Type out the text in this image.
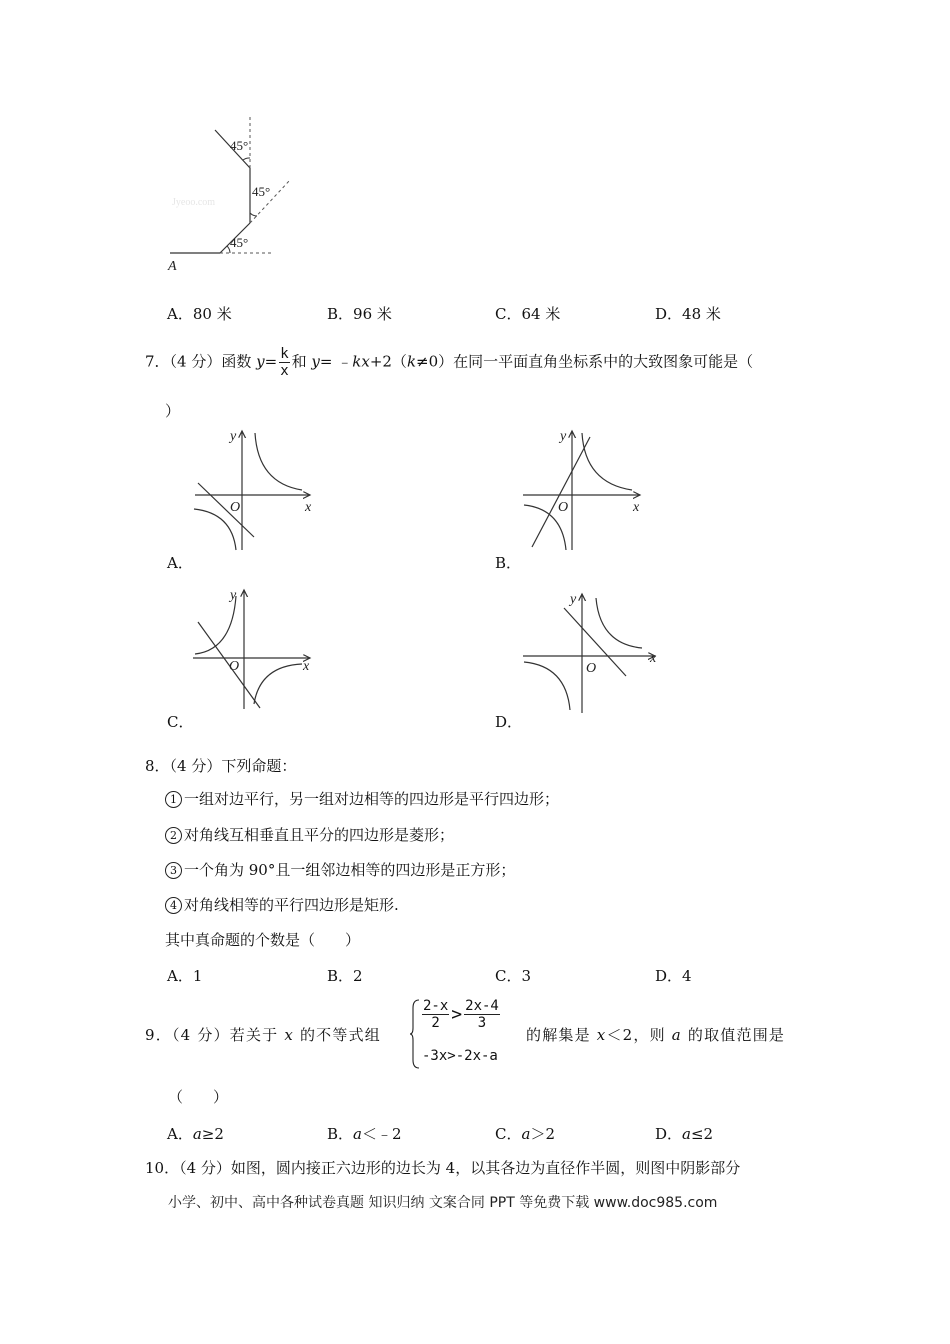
45°
45°
45°
A
Jyeoo.com
A．80 米	B．96 米	C．64 米	D．48 米
7．（4 分）函数 $y= \frac{k}{x}$ 和 y= ﹣kx+2（k≠0）在同一平面直角坐标系中的大致图象可能是（
）
y
x
O
A．
y
x
O
B．
y
x
O
C．
y
x
O
D．
8．（4 分）下列命题：
1 一组对边平行，另一组对边相等的四边形是平行四边形；
2 对角线互相垂直且平分的四边形是菱形；
3 一个角为 90°且一组邻边相等的四边形是正方形；
4 对角线相等的平行四边形是矩形.
其中真命题的个数是（　　）
A．1	B．2	C．3	D．4
9．（4 分）若关于 x 的不等式组
$\frac{2-x}{2} > \frac{2x-4}{3}$
-3x>-2x-a
的解集是 x＜2，则 a 的取值范围是
（　　）
A．a≥2	B．a＜﹣2	C．a＞2	D．a≤2
10．（4 分）如图，圆内接正六边形的边长为 4，以其各边为直径作半圆，则图中阴影部分
小学、初中、高中各种试卷真题 知识归纳 文案合同 PPT 等免费下载 www.doc985.com
